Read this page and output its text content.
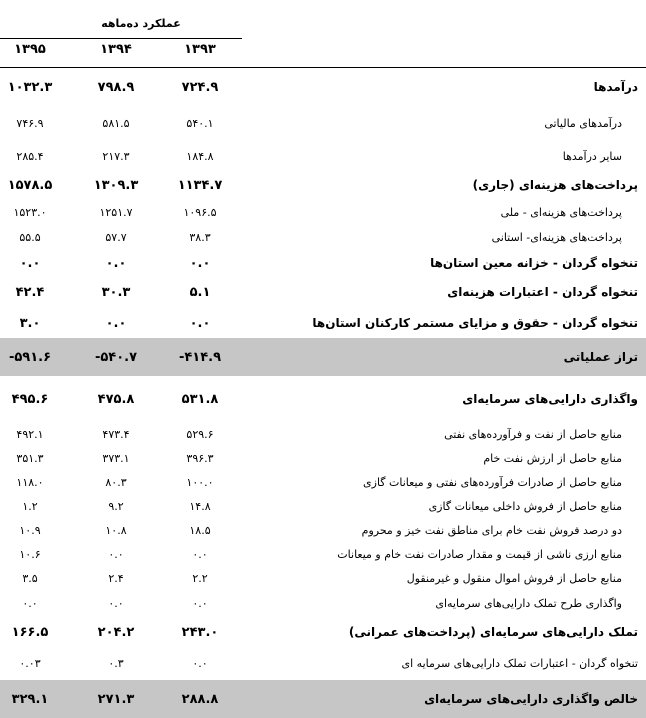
عملکرد ده‌ماهه
۱۳۹۵	۱۳۹۴	۱۳۹۳
درآمدها
۱۰۳۲.۳	۷۹۸.۹	۷۲۴.۹
درآمدهای مالیاتی
۷۴۶.۹	۵۸۱.۵	۵۴۰.۱
سایر درآمدها
۲۸۵.۴	۲۱۷.۳	۱۸۴.۸
پرداخت‌های هزینه‌ای (جاری)
۱۵۷۸.۵	۱۳۰۹.۳	۱۱۳۴.۷
پرداخت‌های هزینه‌ای - ملی
۱۵۲۳.۰	۱۲۵۱.۷	۱۰۹۶.۵
پرداخت‌های هزینه‌ای- استانی
۵۵.۵	۵۷.۷	۳۸.۳
تنخواه گردان - خزانه معین استان‌ها
۰.۰	۰.۰	۰.۰
تنخواه گردان - اعتبارات هزینه‌ای
۴۲.۴	۳۰.۳	۵.۱
تنخواه گردان - حقوق و مزایای مستمر کارکنان استان‌ها
۳.۰	۰.۰	۰.۰
تراز عملیاتی
-۵۹۱.۶	-۵۴۰.۷	-۴۱۴.۹
واگذاری دارایی‌های سرمایه‌ای
۴۹۵.۶	۴۷۵.۸	۵۳۱.۸
منابع حاصل از نفت و فرآورده‌های نفتی
۴۹۲.۱	۴۷۳.۴	۵۲۹.۶
منابع حاصل از ارزش نفت خام
۳۵۱.۳	۳۷۳.۱	۳۹۶.۳
منابع حاصل از صادرات فرآورده‌های نفتی و میعانات گازی
۱۱۸.۰	۸۰.۳	۱۰۰.۰
منابع حاصل از فروش داخلی میعانات گازی
۱.۲	۹.۲	۱۴.۸
دو درصد فروش نفت خام برای مناطق نفت خیز و محروم
۱۰.۹	۱۰.۸	۱۸.۵
منابع ارزی ناشی از قیمت و مقدار صادرات نفت خام و میعانات
۱۰.۶	۰.۰	۰.۰
منابع حاصل از فروش اموال منقول و غیرمنقول
۳.۵	۲.۴	۲.۲
واگذاری طرح تملک دارایی‌های سرمایه‌ای
۰.۰	۰.۰	۰.۰
تملک دارایی‌های سرمایه‌ای (پرداخت‌های عمرانی)
۱۶۶.۵	۲۰۴.۲	۲۴۳.۰
تنخواه گردان - اعتبارات تملک دارایی‌های سرمایه ای
۰.۰۳	۰.۳	۰.۰
خالص واگذاری دارایی‌های سرمایه‌ای
۳۲۹.۱	۲۷۱.۳	۲۸۸.۸
